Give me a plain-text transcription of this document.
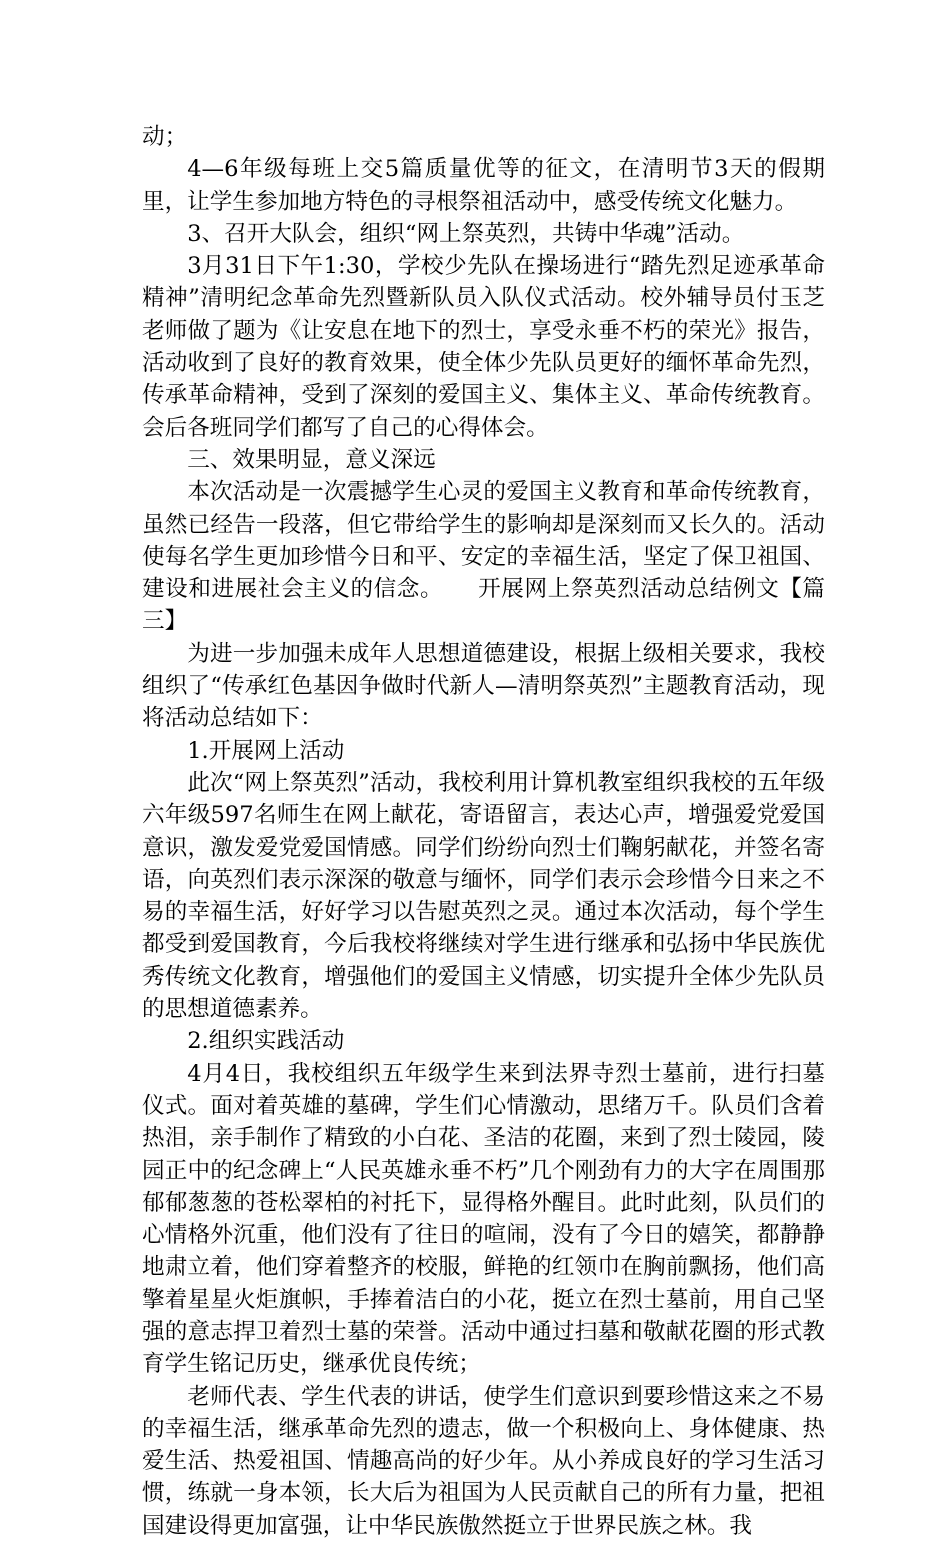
动；

4—6年级每班上交5篇质量优等的征文，在清明节3天的假期里，让学生参加地方特色的寻根祭祖活动中，感受传统文化魅力。

3、召开大队会，组织“网上祭英烈，共铸中华魂”活动。

3月31日下午1:30，学校少先队在操场进行“踏先烈足迹承革命精神”清明纪念革命先烈暨新队员入队仪式活动。校外辅导员付玉芝老师做了题为《让安息在地下的烈士，享受永垂不朽的荣光》报告，活动收到了良好的教育效果，使全体少先队员更好的缅怀革命先烈，传承革命精神，受到了深刻的爱国主义、集体主义、革命传统教育。会后各班同学们都写了自己的心得体会。

三、效果明显，意义深远

本次活动是一次震撼学生心灵的爱国主义教育和革命传统教育，虽然已经告一段落，但它带给学生的影响却是深刻而又长久的。活动使每名学生更加珍惜今日和平、安定的幸福生活，坚定了保卫祖国、建设和进展社会主义的信念。　　开展网上祭英烈活动总结例文【篇三】

为进一步加强未成年人思想道德建设，根据上级相关要求，我校组织了“传承红色基因争做时代新人—清明祭英烈”主题教育活动，现将活动总结如下：

1.开展网上活动

此次“网上祭英烈”活动，我校利用计算机教室组织我校的五年级六年级597名师生在网上献花，寄语留言，表达心声，增强爱党爱国意识，激发爱党爱国情感。同学们纷纷向烈士们鞠躬献花，并签名寄语，向英烈们表示深深的敬意与缅怀，同学们表示会珍惜今日来之不易的幸福生活，好好学习以告慰英烈之灵。通过本次活动，每个学生都受到爱国教育，今后我校将继续对学生进行继承和弘扬中华民族优秀传统文化教育，增强他们的爱国主义情感，切实提升全体少先队员的思想道德素养。

2.组织实践活动

4月4日，我校组织五年级学生来到法界寺烈士墓前，进行扫墓仪式。面对着英雄的墓碑，学生们心情激动，思绪万千。队员们含着热泪，亲手制作了精致的小白花、圣洁的花圈，来到了烈士陵园，陵园正中的纪念碑上“人民英雄永垂不朽”几个刚劲有力的大字在周围那郁郁葱葱的苍松翠柏的衬托下，显得格外醒目。此时此刻，队员们的心情格外沉重，他们没有了往日的喧闹，没有了今日的嬉笑，都静静地肃立着，他们穿着整齐的校服，鲜艳的红领巾在胸前飘扬，他们高擎着星星火炬旗帜，手捧着洁白的小花，挺立在烈士墓前，用自己坚强的意志捍卫着烈士墓的荣誉。活动中通过扫墓和敬献花圈的形式教育学生铭记历史，继承优良传统；

老师代表、学生代表的讲话，使学生们意识到要珍惜这来之不易的幸福生活，继承革命先烈的遗志，做一个积极向上、身体健康、热爱生活、热爱祖国、情趣高尚的好少年。从小养成良好的学习生活习惯，练就一身本领，长大后为祖国为人民贡献自己的所有力量，把祖国建设得更加富强，让中华民族傲然挺立于世界民族之林。我
